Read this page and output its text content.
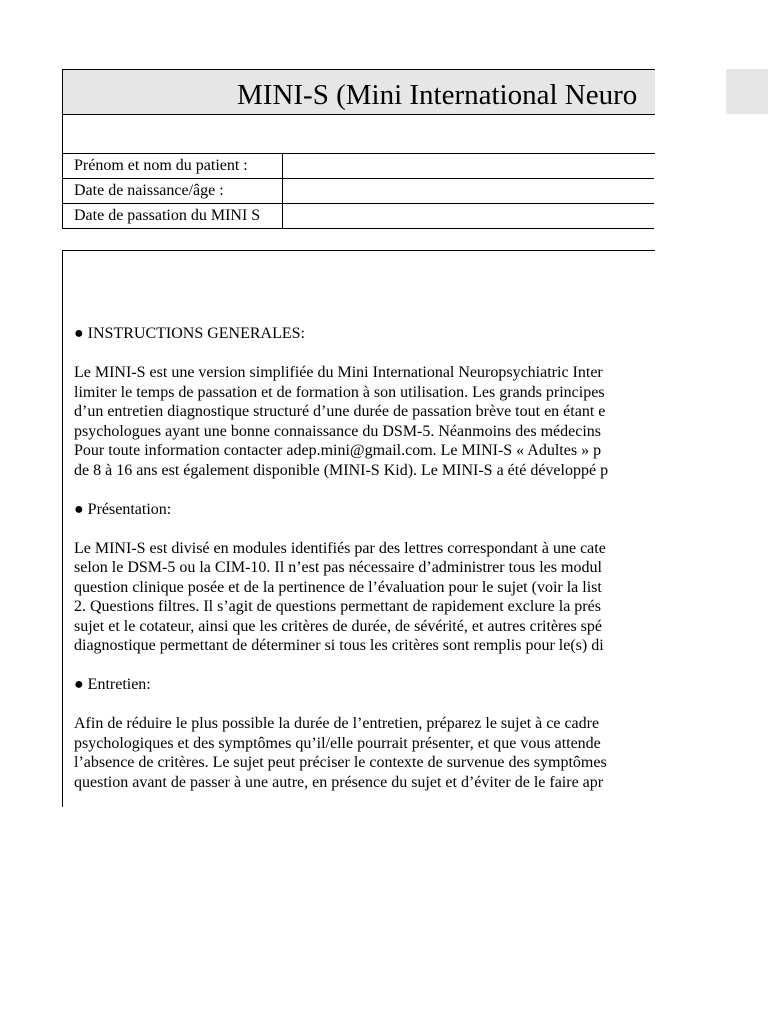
MINI-S (Mini International Neuro
Prénom et nom du patient :	
Date de naissance/âge :	
Date de passation du MINI S	

● INSTRUCTIONS GENERALES:

Le MINI-S est une version simplifiée du Mini International Neuropsychiatric Inter

limiter le temps de passation et de formation à son utilisation. Les grands principes

d’un entretien diagnostique structuré d’une durée de passation brève tout en étant e

psychologues ayant une bonne connaissance du DSM-5. Néanmoins des médecins

Pour toute information contacter adep.mini@gmail.com. Le MINI-S « Adultes » p

de 8 à 16 ans est également disponible (MINI-S Kid). Le MINI-S a été développé p

● Présentation:

Le MINI-S est divisé en modules identifiés par des lettres correspondant à une cate

selon le DSM-5 ou la CIM-10. Il n’est pas nécessaire d’administrer tous les modul

question clinique posée et de la pertinence de l’évaluation pour le sujet (voir la list

2. Questions filtres. Il s’agit de questions permettant de rapidement exclure la prés

sujet et le cotateur, ainsi que les critères de durée, de sévérité, et autres critères spé

diagnostique permettant de déterminer si tous les critères sont remplis pour le(s) di

● Entretien:

Afin de réduire le plus possible la durée de l’entretien, préparez le sujet à ce cadre

psychologiques et des symptômes qu’il/elle pourrait présenter, et que vous attende

l’absence de critères. Le sujet peut préciser le contexte de survenue des symptômes

question avant de passer à une autre, en présence du sujet et d’éviter de le faire apr
